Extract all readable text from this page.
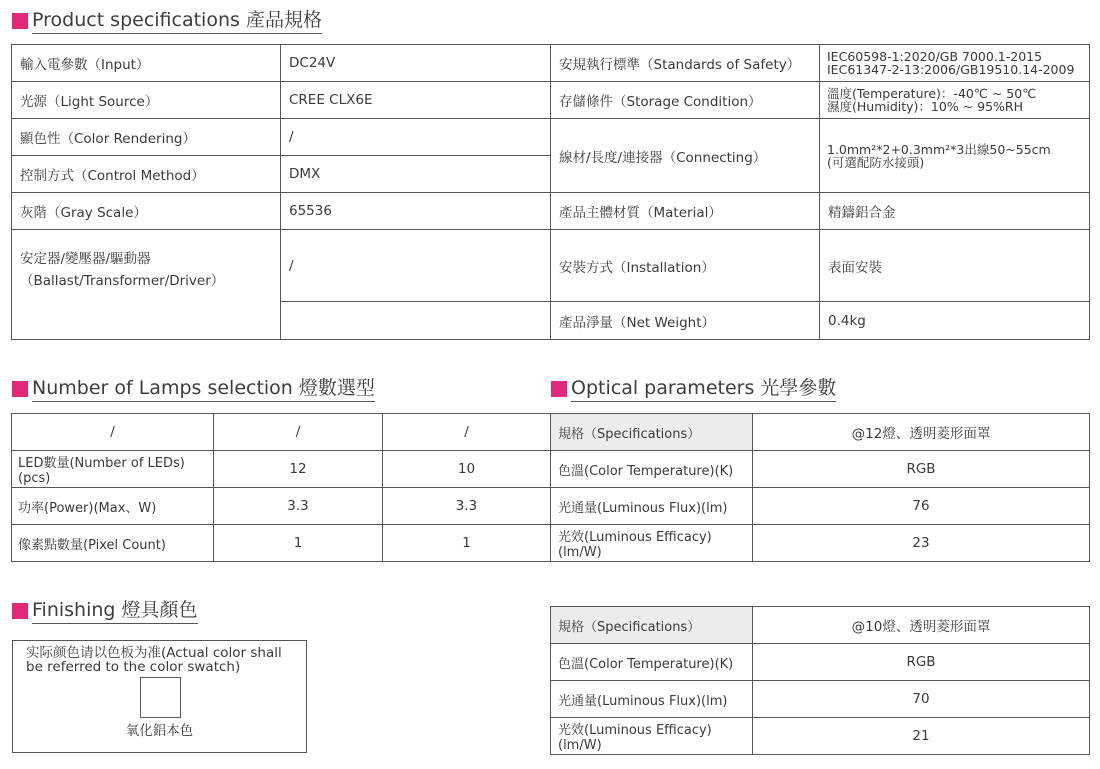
Product specifications 產品規格
輸入電參數（Input）	DC24V	安規執行標準（Standards of Safety）	IEC60598-1:2020/GB 7000.1-2015
IEC61347-2-13:2006/GB19510.14-2009

光源（Light Source）	CREE CLX6E	存儲條件（Storage Condition）	溫度(Temperature)：-40℃ ~ 50℃
濕度(Humidity)：10% ~ 95%RH

顯色性（Color Rendering）	/	線材/長度/連接器（Connecting）	1.0mm²*2+0.3mm²*3出線50~55cm
(可選配防水接頭)

控制方式（Control Method）	DMX		
灰階（Gray Scale）	65536	產品主體材質（Material）	精鑄鋁合金

安定器/變壓器/驅動器
（Ballast/Transformer/Driver）	/	安裝方式（Installation）	表面安裝
		產品淨量（Net Weight）	0.4kg
Number of Lamps selection 燈數選型	Optical parameters 光學參數
/	/	/
LED數量(Number of LEDs)(pcs)	12	10
功率(Power)(Max、W)	3.3	3.3
像素點數量(Pixel Count)	1	1
規格（Specifications）	@12燈、透明菱形面罩
色溫(Color Temperature)(K)	RGB
光通量(Luminous Flux)(lm)	76
光效(Luminous Efficacy)(lm/W)	23
Finishing 燈具顏色
实际颜色请以色板为准(Actual color shall be referred to the color swatch)
氧化鋁本色
規格（Specifications）	@10燈、透明菱形面罩
色溫(Color Temperature)(K)	RGB
光通量(Luminous Flux)(lm)	70
光效(Luminous Efficacy)(lm/W)	21
